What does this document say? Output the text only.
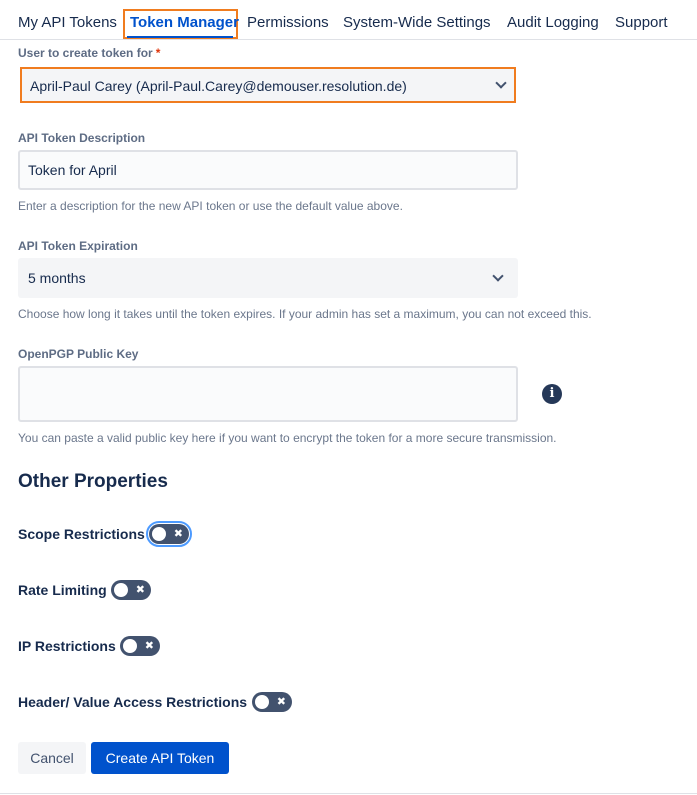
My API Tokens Token Manager Permissions System-Wide Settings Audit Logging Support
User to create token for *
April-Paul Carey (April-Paul.Carey@demouser.resolution.de)
API Token Description
Token for April
Enter a description for the new API token or use the default value above.
API Token Expiration
5 months
Choose how long it takes until the token expires. If your admin has set a maximum, you can not exceed this.
OpenPGP Public Key
i
You can paste a valid public key here if you want to encrypt the token for a more secure transmission.
Other Properties
Scope Restrictions	✖
Rate Limiting	✖
IP Restrictions	✖
Header/ Value Access Restrictions	✖
Cancel	Create API Token
